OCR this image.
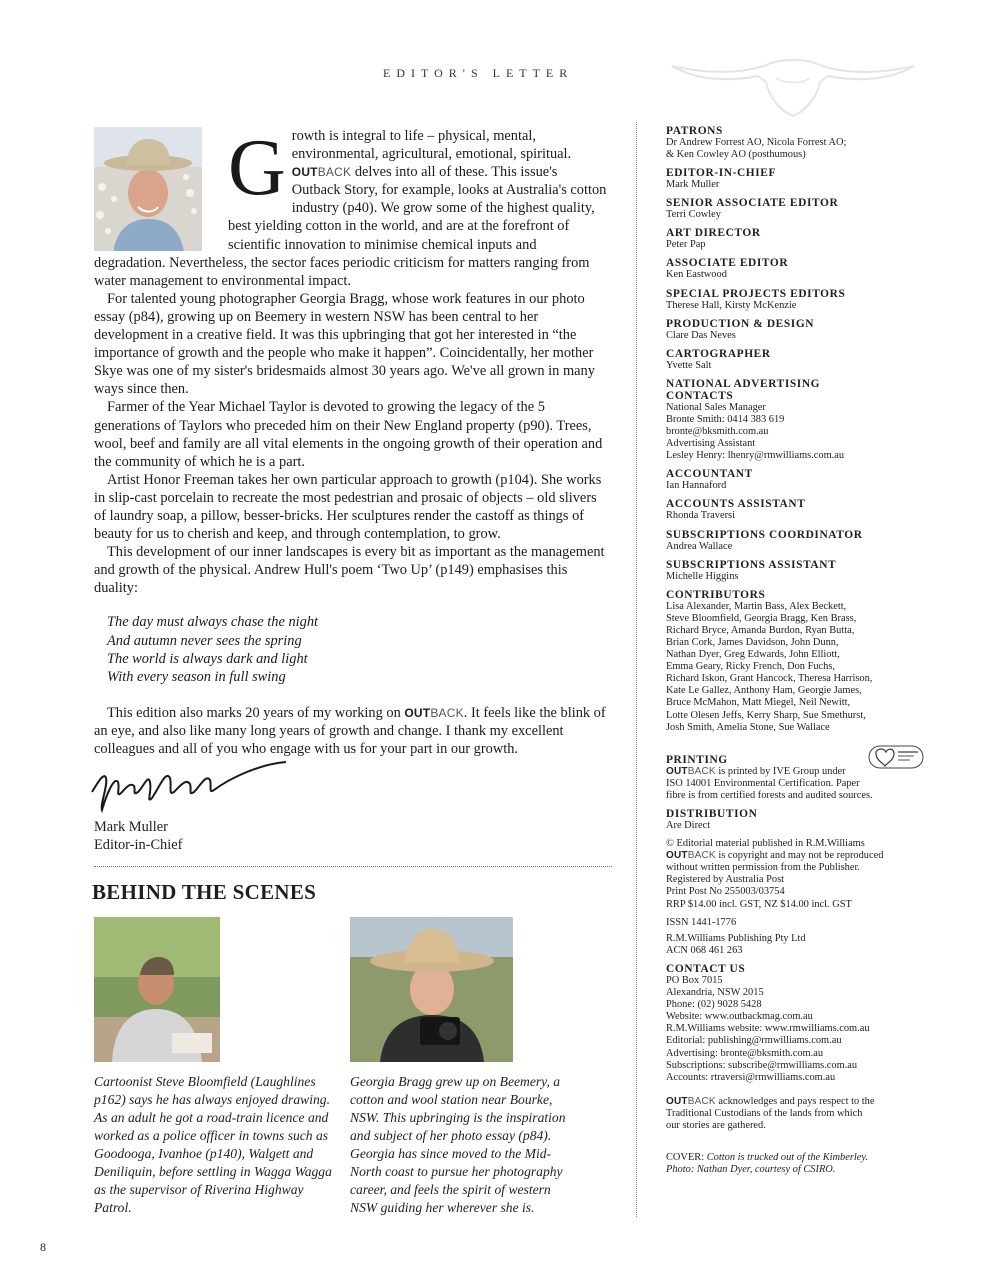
EDITOR'S LETTER
G rowth is integral to life – physical, mental, environmental, agricultural, emotional, spiritual. OUTBACK delves into all of these. This issue's Outback Story, for example, looks at Australia's cotton industry (p40). We grow some of the highest quality, best yielding cotton in the world, and are at the forefront of scientific innovation to minimise chemical inputs and degradation. Nevertheless, the sector faces periodic criticism for matters ranging from water management to environmental impact.

For talented young photographer Georgia Bragg, whose work features in our photo essay (p84), growing up on Beemery in western NSW has been central to her development in a creative field. It was this upbringing that got her interested in “the importance of growth and the people who make it happen”. Coincidentally, her mother Skye was one of my sister's bridesmaids almost 30 years ago. We've all grown in many ways since then.

Farmer of the Year Michael Taylor is devoted to growing the legacy of the 5 generations of Taylors who preceded him on their New England property (p90). Trees, wool, beef and family are all vital elements in the ongoing growth of their operation and the community of which he is a part.

Artist Honor Freeman takes her own particular approach to growth (p104). She works in slip-cast porcelain to recreate the most pedestrian and prosaic of objects – old slivers of laundry soap, a pillow, besser-bricks. Her sculptures render the castoff as things of beauty for us to cherish and keep, and through contemplation, to grow.

This development of our inner landscapes is every bit as important as the management and growth of the physical. Andrew Hull's poem ‘Two Up’ (p149) emphasises this duality:

The day must always chase the night
And autumn never sees the spring
The world is always dark and light
With every season in full swing

This edition also marks 20 years of my working on OUTBACK. It feels like the blink of an eye, and also like many long years of growth and change. I thank my excellent colleagues and all of you who engage with us for your part in our growth.

Mark Muller
Editor-in-Chief
BEHIND THE SCENES
Cartoonist Steve Bloomfield (Laughlines p162) says he has always enjoyed drawing. As an adult he got a road-train licence and worked as a police officer in towns such as Goodooga, Ivanhoe (p140), Walgett and Deniliquin, before settling in Wagga Wagga as the supervisor of Riverina Highway Patrol.
Georgia Bragg grew up on Beemery, a cotton and wool station near Bourke, NSW. This upbringing is the inspiration and subject of her photo essay (p84). Georgia has since moved to the Mid-North coast to pursue her photography career, and feels the spirit of western NSW guiding her wherever she is.
PATRONS
Dr Andrew Forrest AO, Nicola Forrest AO;
& Ken Cowley AO (posthumous)
EDITOR-IN-CHIEF
Mark Muller
SENIOR ASSOCIATE EDITOR
Terri Cowley
ART DIRECTOR
Peter Pap
ASSOCIATE EDITOR
Ken Eastwood
SPECIAL PROJECTS EDITORS
Therese Hall, Kirsty McKenzie
PRODUCTION & DESIGN
Clare Das Neves
CARTOGRAPHER
Yvette Salt
NATIONAL ADVERTISING
CONTACTS
National Sales Manager
Bronte Smith: 0414 383 619
bronte@bksmith.com.au
Advertising Assistant
Lesley Henry: lhenry@rmwilliams.com.au
ACCOUNTANT
Ian Hannaford
ACCOUNTS ASSISTANT
Rhonda Traversi
SUBSCRIPTIONS COORDINATOR
Andrea Wallace
SUBSCRIPTIONS ASSISTANT
Michelle Higgins
CONTRIBUTORS
Lisa Alexander, Martin Bass, Alex Beckett,
Steve Bloomfield, Georgia Bragg, Ken Brass,
Richard Bryce, Amanda Burdon, Ryan Butta,
Brian Cork, James Davidson, John Dunn,
Nathan Dyer, Greg Edwards, John Elliott,
Emma Geary, Ricky French, Don Fuchs,
Richard Iskon, Grant Hancock, Theresa Harrison,
Kate Le Gallez, Anthony Ham, Georgie James,
Bruce McMahon, Matt Miegel, Neil Newitt,
Lotte Olesen Jeffs, Kerry Sharp, Sue Smethurst,
Josh Smith, Amelia Stone, Sue Wallace
PRINTING
OUTBACK is printed by IVE Group under
ISO 14001 Environmental Certification. Paper
fibre is from certified forests and audited sources.
DISTRIBUTION
Are Direct
© Editorial material published in R.M.Williams
OUTBACK is copyright and may not be reproduced
without written permission from the Publisher.
Registered by Australia Post
Print Post No 255003/03754
RRP $14.00 incl. GST, NZ $14.00 incl. GST
ISSN 1441-1776
R.M.Williams Publishing Pty Ltd
ACN 068 461 263
CONTACT US
PO Box 7015
Alexandria, NSW 2015
Phone: (02) 9028 5428
Website: www.outbackmag.com.au
R.M.Williams website: www.rmwilliams.com.au
Editorial: publishing@rmwilliams.com.au
Advertising: bronte@bksmith.com.au
Subscriptions: subscribe@rmwilliams.com.au
Accounts: rtraversi@rmwilliams.com.au
OUTBACK acknowledges and pays respect to the
Traditional Custodians of the lands from which
our stories are gathered.
COVER: Cotton is trucked out of the Kimberley.
Photo: Nathan Dyer, courtesy of CSIRO.
8
